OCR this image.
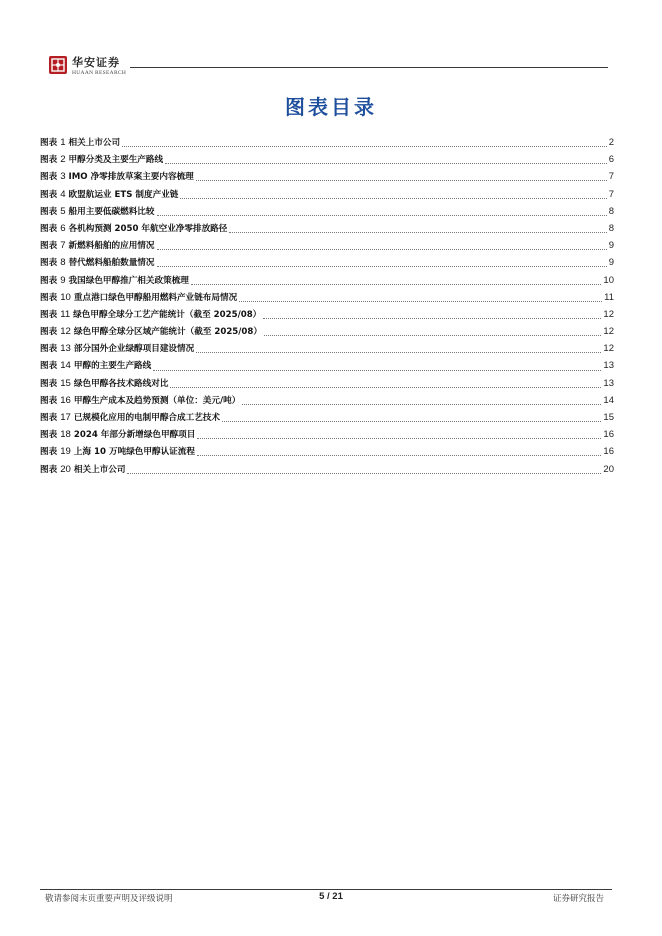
华安证券
HUAAN RESEARCH
图表目录
图表 1 相关上市公司	2
图表 2 甲醇分类及主要生产路线	6
图表 3 IMO 净零排放草案主要内容梳理	7
图表 4 欧盟航运业 ETS 制度产业链	7
图表 5 船用主要低碳燃料比较	8
图表 6 各机构预测 2050 年航空业净零排放路径	8
图表 7 新燃料船舶的应用情况	9
图表 8 替代燃料船舶数量情况	9
图表 9 我国绿色甲醇推广相关政策梳理	10
图表 10 重点港口绿色甲醇船用燃料产业链布局情况	11
图表 11 绿色甲醇全球分工艺产能统计（截至 2025/08）	12
图表 12 绿色甲醇全球分区域产能统计（截至 2025/08）	12
图表 13 部分国外企业绿醇项目建设情况	12
图表 14 甲醇的主要生产路线	13
图表 15 绿色甲醇各技术路线对比	13
图表 16 甲醇生产成本及趋势预测（单位：美元/吨）	14
图表 17 已规模化应用的电制甲醇合成工艺技术	15
图表 18 2024 年部分新增绿色甲醇项目	16
图表 19 上海 10 万吨绿色甲醇认证流程	16
图表 20 相关上市公司	20
敬请参阅末页重要声明及评级说明	5 / 21	证券研究报告
